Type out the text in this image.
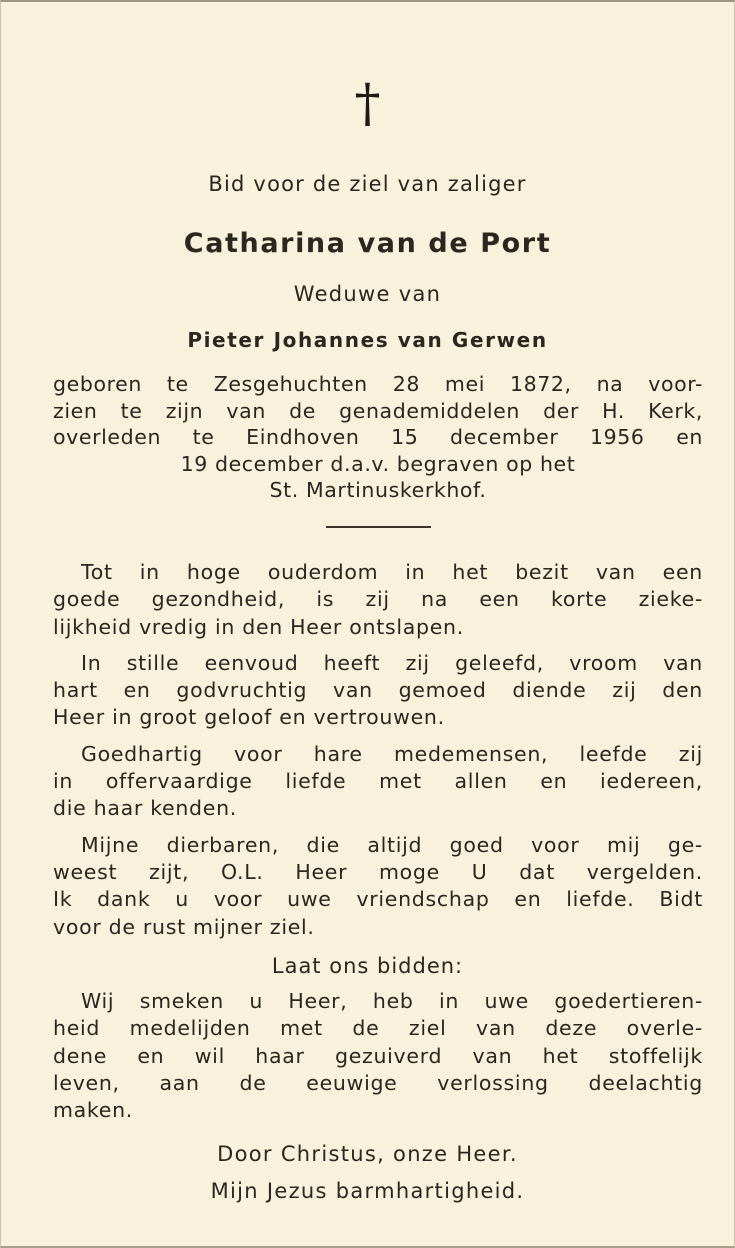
†
Bid voor de ziel van zaliger
Catharina van de Port
Weduwe van
Pieter Johannes van Gerwen
geboren te Zesgehuchten 28 mei 1872, na voor-
zien te zijn van de genademiddelen der H. Kerk,
overleden te Eindhoven 15 december 1956 en
19 december d.a.v. begraven op het
St. Martinuskerkhof.
Tot in hoge ouderdom in het bezit van een
goede gezondheid, is zij na een korte zieke-
lijkheid vredig in den Heer ontslapen.
In stille eenvoud heeft zij geleefd, vroom van
hart en godvruchtig van gemoed diende zij den
Heer in groot geloof en vertrouwen.
Goedhartig voor hare medemensen, leefde zij
in offervaardige liefde met allen en iedereen,
die haar kenden.
Mijne dierbaren, die altijd goed voor mij ge-
weest zijt, O.L. Heer moge U dat vergelden.
Ik dank u voor uwe vriendschap en liefde. Bidt
voor de rust mijner ziel.
Laat ons bidden:
Wij smeken u Heer, heb in uwe goedertieren-
heid medelijden met de ziel van deze overle-
dene en wil haar gezuiverd van het stoffelijk
leven, aan de eeuwige verlossing deelachtig
maken.
Door Christus, onze Heer.
Mijn Jezus barmhartigheid.
